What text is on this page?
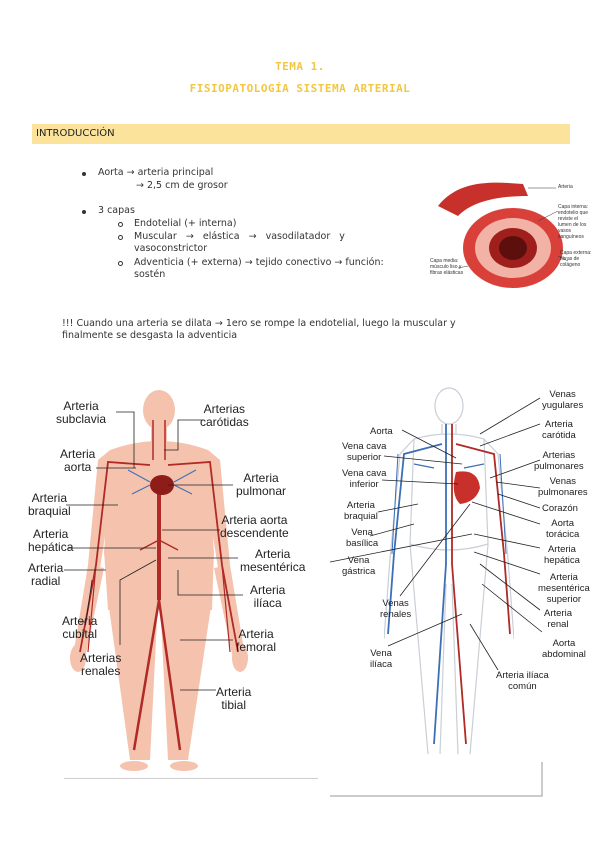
TEMA 1.
FISIOPATOLOGÍA SISTEMA ARTERIAL
INTRODUCCIÓN
Aorta → arteria principal
→ 2,5 cm de grosor
3 capas
Endotelial (+ interna)
Muscular   →   elástica   →   vasodilatador   y
vasoconstrictor
Adventicia (+ externa) → tejido conectivo → función:
sostén
!!! Cuando una arteria se dilata → 1ero se rompe la endotelial, luego la muscular y
finalmente se desgasta la adventicia
Arteria
Capa interna: endotelio que reviste el lumen de los vasos sanguíneos
Capa media: músculo liso y fibras elásticas
Capa externa: fibras de colágeno
Arteria
subclavia
Arterias
carótidas
Arteria
aorta
Arteria
pulmonar
Arteria
braquial
Arteria
hepática
Arteria aorta
descendente
Arteria
mesentérica
Arteria
radial
Arteria
ilíaca
Arteria
cubital	Arteria
femoral
Arterias
renales
Arteria
tibial
Venas
yugulares
Aorta
Arteria
carótida
Vena cava
superior	Arterias
pulmonares
Vena cava
inferior	Venas
pulmonares
Corazón
Arteria
braquial
Aorta
torácica
Vena
basílica
Arteria
hepática
Vena
gástrica
Arteria
mesentérica
superior
Venas
renales	Arteria
renal
Aorta
abdominal
Vena
ilíaca
Arteria ilíaca
común
